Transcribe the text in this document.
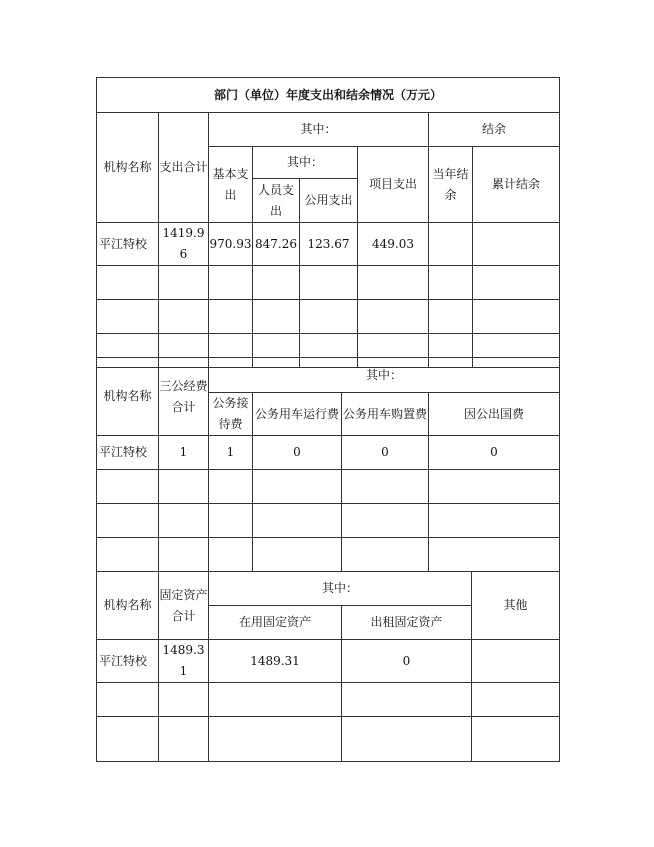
部门（单位）年度支出和结余情况（万元）							
机构名称	支出合计	其中：				结余	
		基本支出	其中：		项目支出	当年结余	累计结余
			人员支出	公用支出			
平江特校	1419.96	970.93	847.26	123.67	449.03		

机构名称	三公经费合计	其中：			
		公务接待费	公务用车运行费	公务用车购置费	因公出国费
平江特校	1	1	0	0	0

机构名称	固定资产合计	其中：		其他
		在用固定资产	出租固定资产	
平江特校	1489.31	1489.31	0	
